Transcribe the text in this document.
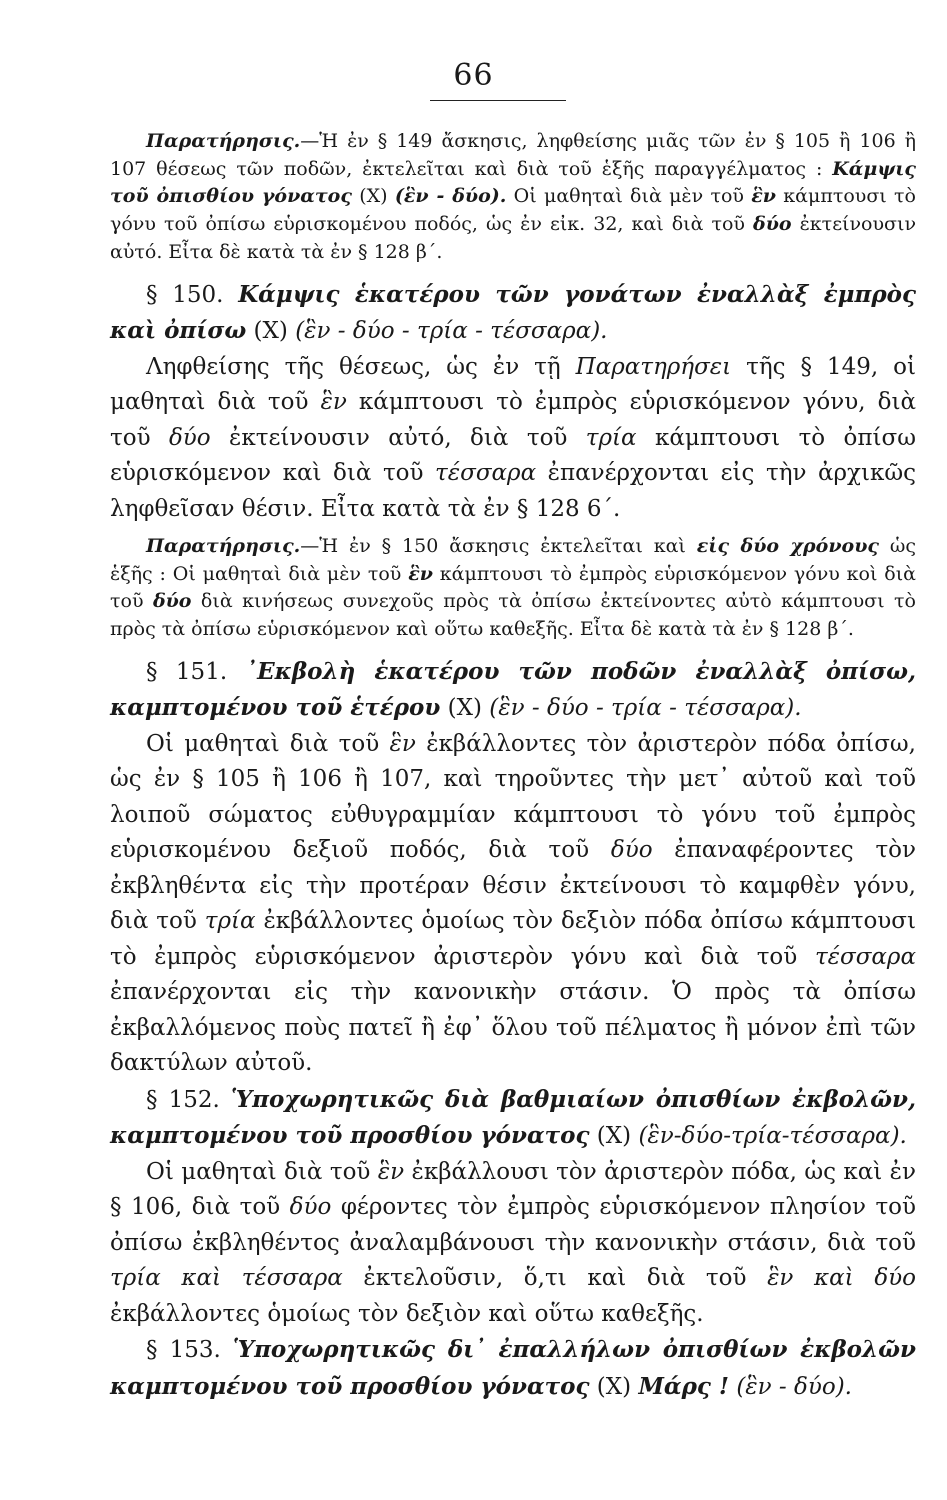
66

Παρατήρησις.—Ἡ ἐν § 149 ἄσκησις, ληφθείσης μιᾶς τῶν ἐν § 105 ἢ 106 ἢ 107 θέσεως τῶν ποδῶν, ἐκτελεῖται καὶ διὰ τοῦ ἑξῆς παραγγέλματος : Κάμψις τοῦ ὀπισθίου γόνατος (X) (ἓν - δύο). Οἱ μαθηταὶ διὰ μὲν τοῦ ἓν κάμπτουσι τὸ γόνυ τοῦ ὀπίσω εὑρισκομένου ποδός, ὡς ἐν εἰκ. 32, καὶ διὰ τοῦ δύο ἐκτείνουσιν αὐτό. Εἶτα δὲ κατὰ τὰ ἐν § 128 β΄.

§ 150. Κάμψις ἑκατέρου τῶν γονάτων ἐναλλὰξ ἐμπρὸς καὶ ὀπίσω (X) (ἓν - δύο - τρία - τέσσαρα).

Ληφθείσης τῆς θέσεως, ὡς ἐν τῇ Παρατηρήσει τῆς § 149, οἱ μαθηταὶ διὰ τοῦ ἓν κάμπτουσι τὸ ἐμπρὸς εὑρισκόμενον γόνυ, διὰ τοῦ δύο ἐκτείνουσιν αὐτό, διὰ τοῦ τρία κάμπτουσι τὸ ὀπίσω εὑρισκόμενον καὶ διὰ τοῦ τέσσαρα ἐπανέρχονται εἰς τὴν ἀρχικῶς ληφθεῖσαν θέσιν. Εἶτα κατὰ τὰ ἐν § 128 6΄.

Παρατήρησις.—Ἡ ἐν § 150 ἄσκησις ἐκτελεῖται καὶ εἰς δύο χρόνους ὡς ἑξῆς : Οἱ μαθηταὶ διὰ μὲν τοῦ ἓν κάμπτουσι τὸ ἐμπρὸς εὑρισκόμενον γόνυ κοὶ διὰ τοῦ δύο διὰ κινήσεως συνεχοῦς πρὸς τὰ ὀπίσω ἐκτείνοντες αὐτὸ κάμπτουσι τὸ πρὸς τὰ ὀπίσω εὑρισκόμενον καὶ οὕτω καθεξῆς. Εἶτα δὲ κατὰ τὰ ἐν § 128 β΄.

§ 151. ᾿Εκβολὴ ἑκατέρου τῶν ποδῶν ἐναλλὰξ ὀπίσω, καμπτομένου τοῦ ἑτέρου (X) (ἓν - δύο - τρία - τέσσαρα).

Οἱ μαθηταὶ διὰ τοῦ ἓν ἐκβάλλοντες τὸν ἀριστερὸν πόδα ὀπίσω, ὡς ἐν § 105 ἢ 106 ἢ 107, καὶ τηροῦντες τὴν μετ᾿ αὐτοῦ καὶ τοῦ λοιποῦ σώματος εὐθυγραμμίαν κάμπτουσι τὸ γόνυ τοῦ ἐμπρὸς εὑρισκομένου δεξιοῦ ποδός, διὰ τοῦ δύο ἐπαναφέροντες τὸν ἐκβληθέντα εἰς τὴν προτέραν θέσιν ἐκτείνουσι τὸ καμφθὲν γόνυ, διὰ τοῦ τρία ἐκβάλλοντες ὁμοίως τὸν δεξιὸν πόδα ὀπίσω κάμπτουσι τὸ ἐμπρὸς εὑρισκόμενον ἀριστερὸν γόνυ καὶ διὰ τοῦ τέσσαρα ἐπανέρχονται εἰς τὴν κανονικὴν στάσιν. Ὁ πρὸς τὰ ὀπίσω ἐκβαλλόμενος ποὺς πατεῖ ἢ ἐφ᾿ ὅλου τοῦ πέλματος ἢ μόνον ἐπὶ τῶν δακτύλων αὐτοῦ.

§ 152. Ὑποχωρητικῶς διὰ βαθμιαίων ὀπισθίων ἐκβολῶν, καμπτομένου τοῦ προσθίου γόνατος (X) (ἓν-δύο-τρία-τέσσαρα).

Οἱ μαθηταὶ διὰ τοῦ ἓν ἐκβάλλουσι τὸν ἀριστερὸν πόδα, ὡς καὶ ἐν § 106, διὰ τοῦ δύο φέροντες τὸν ἐμπρὸς εὑρισκόμενον πλησίον τοῦ ὀπίσω ἐκβληθέντος ἀναλαμβάνουσι τὴν κανονικὴν στάσιν, διὰ τοῦ τρία καὶ τέσσαρα ἐκτελοῦσιν, ὅ,τι καὶ διὰ τοῦ ἓν καὶ δύο ἐκβάλλοντες ὁμοίως τὸν δεξιὸν καὶ οὕτω καθεξῆς.

§ 153. Ὑποχωρητικῶς δι᾿ ἐπαλλήλων ὀπισθίων ἐκβολῶν καμπτομένου τοῦ προσθίου γόνατος (X) Μάρς ! (ἓν - δύο).
